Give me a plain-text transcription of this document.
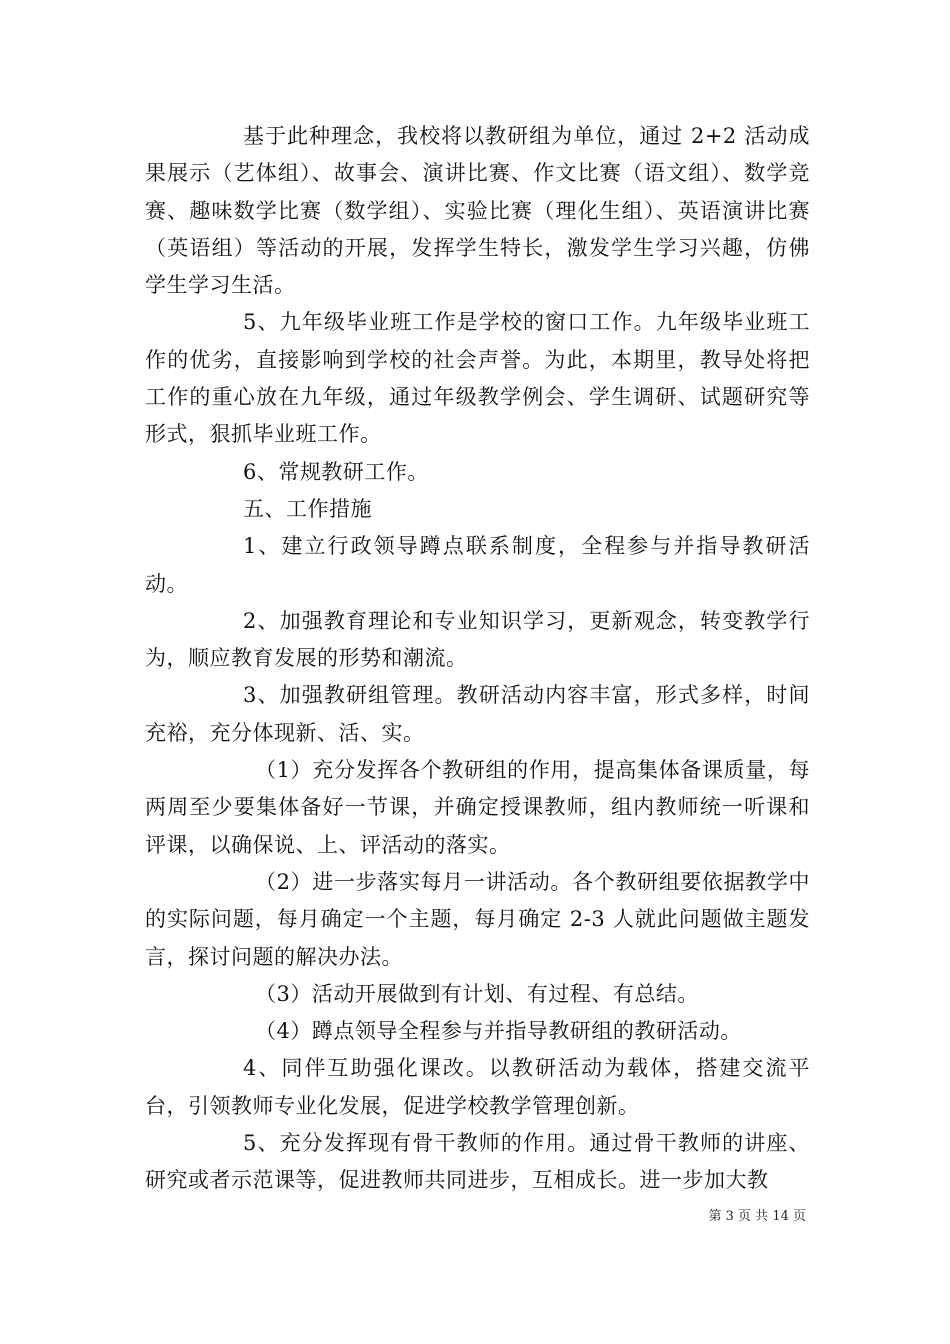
基于此种理念，我校将以教研组为单位，通过 2+2 活动成果展示（艺体组）、故事会、演讲比赛、作文比赛（语文组）、数学竞赛、趣味数学比赛（数学组）、实验比赛（理化生组）、英语演讲比赛（英语组）等活动的开展，发挥学生特长，激发学生学习兴趣，仿佛学生学习生活。

5、九年级毕业班工作是学校的窗口工作。九年级毕业班工作的优劣，直接影响到学校的社会声誉。为此，本期里，教导处将把工作的重心放在九年级，通过年级教学例会、学生调研、试题研究等形式，狠抓毕业班工作。

6、常规教研工作。

五、工作措施

1、建立行政领导蹲点联系制度，全程参与并指导教研活动。

2、加强教育理论和专业知识学习，更新观念，转变教学行为，顺应教育发展的形势和潮流。

3、加强教研组管理。教研活动内容丰富，形式多样，时间充裕，充分体现新、活、实。

（1）充分发挥各个教研组的作用，提高集体备课质量，每两周至少要集体备好一节课，并确定授课教师，组内教师统一听课和评课，以确保说、上、评活动的落实。

（2）进一步落实每月一讲活动。各个教研组要依据教学中的实际问题，每月确定一个主题，每月确定 2-3 人就此问题做主题发言，探讨问题的解决办法。

（3）活动开展做到有计划、有过程、有总结。

（4）蹲点领导全程参与并指导教研组的教研活动。

4、同伴互助强化课改。以教研活动为载体，搭建交流平台，引领教师专业化发展，促进学校教学管理创新。

5、充分发挥现有骨干教师的作用。通过骨干教师的讲座、研究或者示范课等，促进教师共同进步，互相成长。进一步加大教

第 3 页 共 14 页
